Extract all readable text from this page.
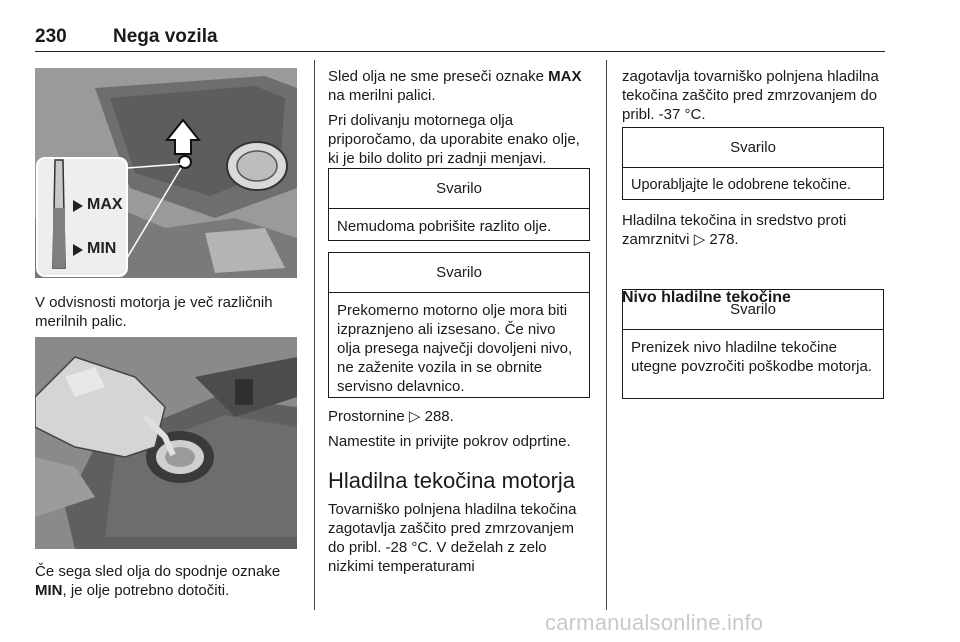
230 Nega vozila
MAX
MIN
V odvisnosti motorja je več različnih merilnih palic.
Če sega sled olja do spodnje oznake MIN, je olje potrebno dotočiti.
Sled olja ne sme preseči oznake MAX na merilni palici.
Pri dolivanju motornega olja priporočamo, da uporabite enako olje, ki je bilo dolito pri zadnji menjavi.
Svarilo
Nemudoma pobrišite razlito olje.
Svarilo
Prekomerno motorno olje mora biti izpraznjeno ali izsesano. Če nivo olja presega največji dovoljeni nivo, ne zaženite vozila in se obrnite servisno delavnico.
Prostornine ▷ 288.
Namestite in privijte pokrov odprtine.
Hladilna tekočina motorja
Tovarniško polnjena hladilna tekočina zagotavlja zaščito pred zmrzovanjem do pribl. -28 °C. V deželah z zelo nizkimi temperaturami
zagotavlja tovarniško polnjena hladilna tekočina zaščito pred zmrzovanjem do pribl. -37 °C.
Svarilo
Uporabljajte le odobrene tekočine.
Hladilna tekočina in sredstvo proti zamrznitvi ▷ 278.
Nivo hladilne tekočine
Svarilo
Prenizek nivo hladilne tekočine utegne povzročiti poškodbe motorja.
carmanualsonline.info
